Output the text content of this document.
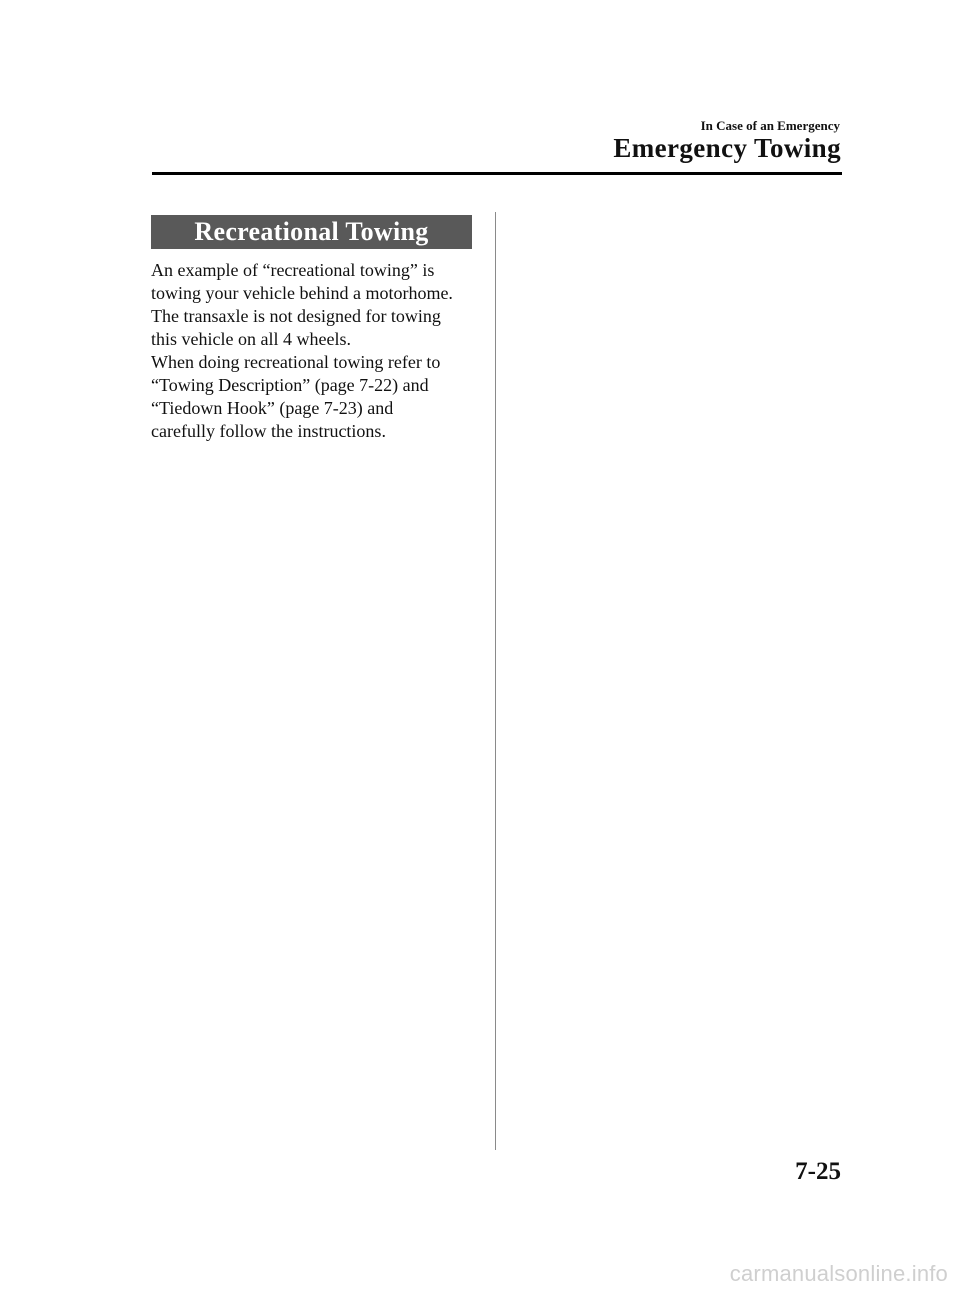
In Case of an Emergency
Emergency Towing
Recreational Towing

An example of “recreational towing” is

towing your vehicle behind a motorhome.

The transaxle is not designed for towing

this vehicle on all 4 wheels.

When doing recreational towing refer to

“Towing Description” (page 7-22) and

“Tiedown Hook” (page 7-23) and

carefully follow the instructions.

7-25
carmanualsonline.info
